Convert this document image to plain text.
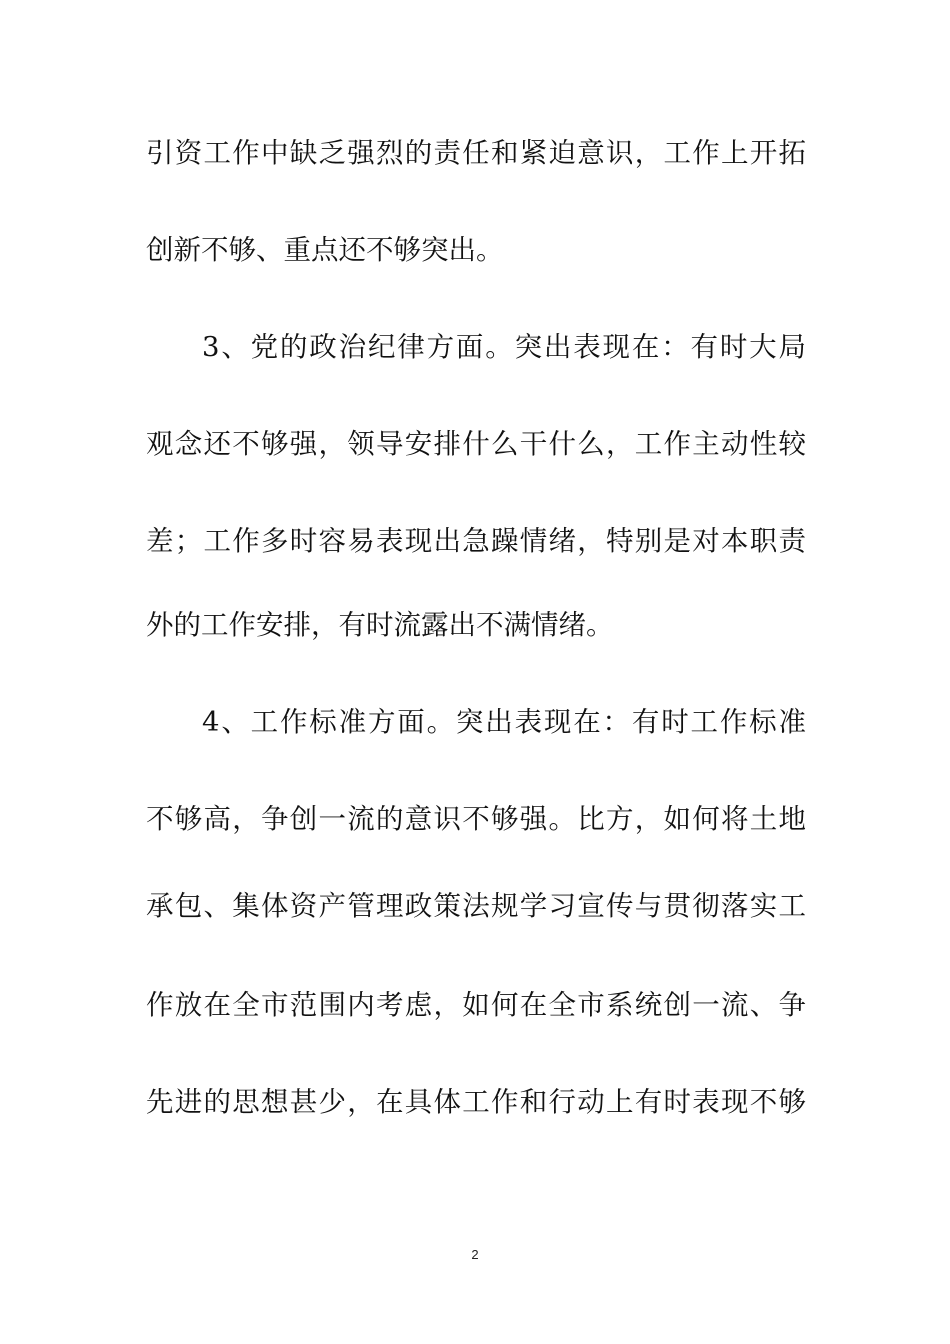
引资工作中缺乏强烈的责任和紧迫意识，工作上开拓
创新不够、重点还不够突出。
3、党的政治纪律方面。突出表现在：有时大局
观念还不够强，领导安排什么干什么，工作主动性较
差；工作多时容易表现出急躁情绪，特别是对本职责
外的工作安排，有时流露出不满情绪。
4、工作标准方面。突出表现在：有时工作标准
不够高，争创一流的意识不够强。比方，如何将土地
承包、集体资产管理政策法规学习宣传与贯彻落实工
作放在全市范围内考虑，如何在全市系统创一流、争
先进的思想甚少，在具体工作和行动上有时表现不够
2
